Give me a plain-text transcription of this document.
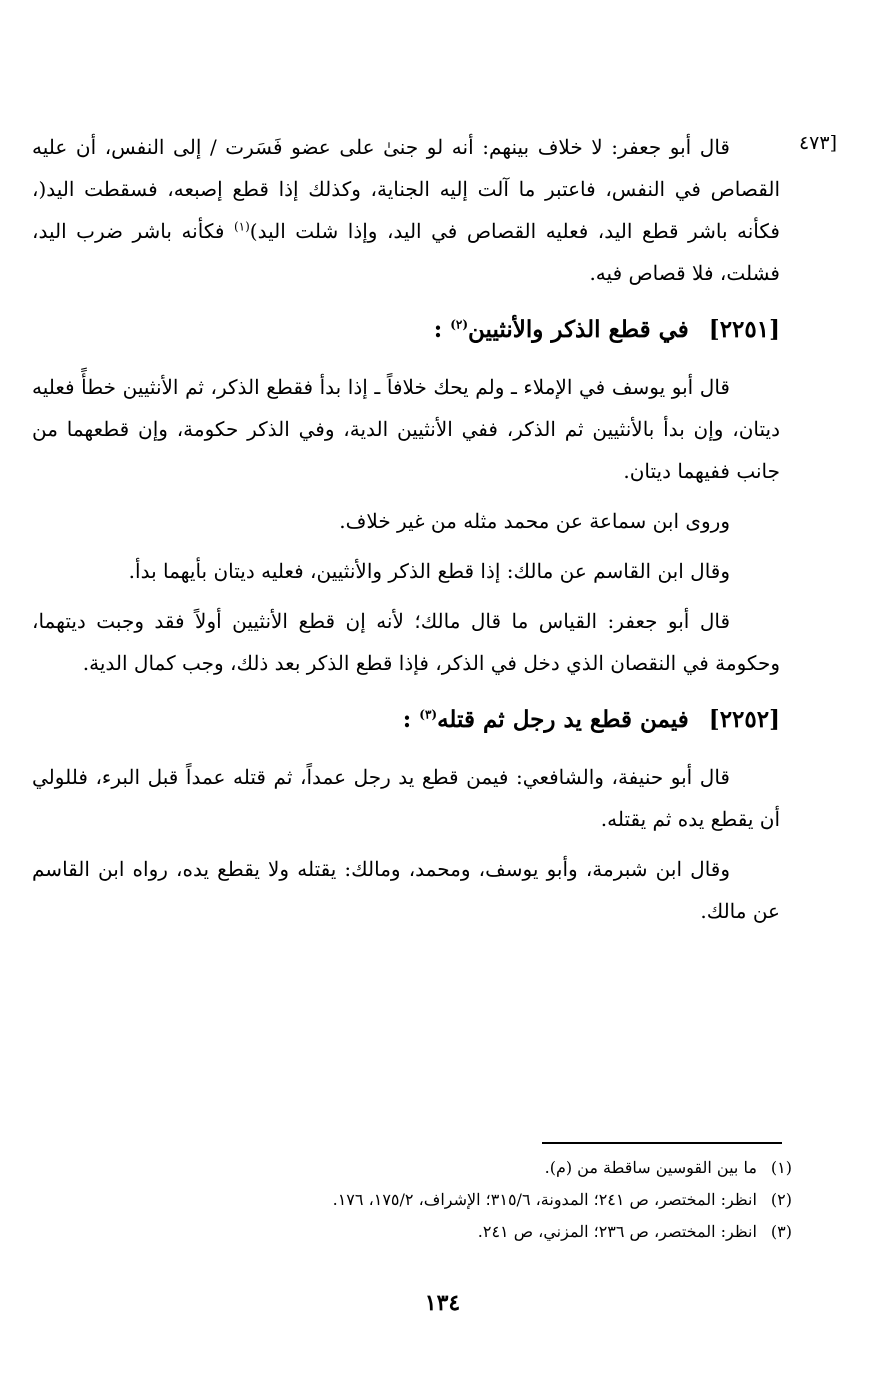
[٤٧٣

قال أبو جعفر: لا خلاف بينهم: أنه لو جنىٰ على عضو فَسَرت / إلى النفس، أن عليه القصاص في النفس، فاعتبر ما آلت إليه الجناية، وكذلك إذا قطع إصبعه، فسقطت اليد(، فكأنه باشر قطع اليد، فعليه القصاص في اليد، وإذا شلت اليد)$^{(١)}$ فكأنه باشر ضرب اليد، فشلت، فلا قصاص فيه.

[٢٢٥١] في قطع الذكر والأنثيين$^{(٢)}$ :

قال أبو يوسف في الإملاء ـ ولم يحك خلافاً ـ إذا بدأ فقطع الذكر، ثم الأنثيين خطأً فعليه ديتان، وإن بدأ بالأنثيين ثم الذكر، ففي الأنثيين الدية، وفي الذكر حكومة، وإن قطعهما من جانب ففيهما ديتان.

وروى ابن سماعة عن محمد مثله من غير خلاف.

وقال ابن القاسم عن مالك: إذا قطع الذكر والأنثيين، فعليه ديتان بأيهما بدأ.

قال أبو جعفر: القياس ما قال مالك؛ لأنه إن قطع الأنثيين أولاً فقد وجبت ديتهما، وحكومة في النقصان الذي دخل في الذكر، فإذا قطع الذكر بعد ذلك، وجب كمال الدية.

[٢٢٥٢] فيمن قطع يد رجل ثم قتله$^{(٣)}$ :

قال أبو حنيفة، والشافعي: فيمن قطع يد رجل عمداً، ثم قتله عمداً قبل البرء، فللولي أن يقطع يده ثم يقتله.

وقال ابن شبرمة، وأبو يوسف، ومحمد، ومالك: يقتله ولا يقطع يده، رواه ابن القاسم عن مالك.

(١)ما بين القوسين ساقطة من (م).
(٢)انظر: المختصر، ص ٢٤١؛ المدونة، ٣١٥/٦؛ الإشراف، ١٧٥/٢، ١٧٦.
(٣)انظر: المختصر، ص ٢٣٦؛ المزني، ص ٢٤١.
١٣٤
